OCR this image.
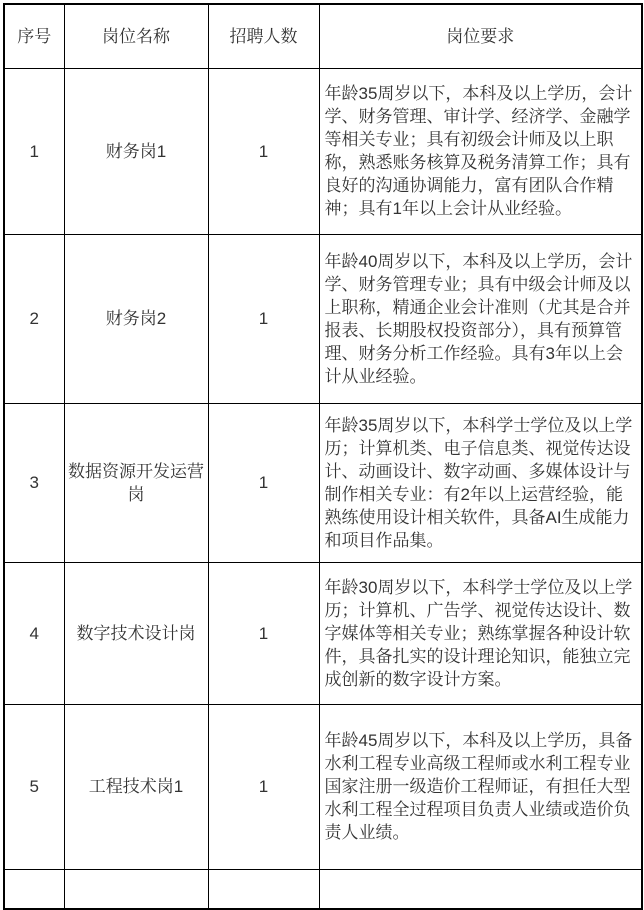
序号	岗位名称	招聘人数	岗位要求
1	财务岗1	1	年龄35周岁以下，本科及以上学历，会计学、财务管理、审计学、经济学、金融学等相关专业；具有初级会计师及以上职称，熟悉账务核算及税务清算工作；具有良好的沟通协调能力，富有团队合作精神；具有1年以上会计从业经验。
2	财务岗2	1	年龄40周岁以下，本科及以上学历，会计学、财务管理专业；具有中级会计师及以上职称，精通企业会计准则（尤其是合并报表、长期股权投资部分），具有预算管理、财务分析工作经验。具有3年以上会计从业经验。
3	数据资源开发运营岗	1	年龄35周岁以下，本科学士学位及以上学历；计算机类、电子信息类、视觉传达设计、动画设计、数字动画、多媒体设计与制作相关专业：有2年以上运营经验，能熟练使用设计相关软件，具备AI生成能力和项目作品集。
4	数字技术设计岗	1	年龄30周岁以下，本科学士学位及以上学历；计算机、广告学、视觉传达设计、数字媒体等相关专业；熟练掌握各种设计软件，具备扎实的设计理论知识，能独立完成创新的数字设计方案。
5	工程技术岗1	1	年龄45周岁以下，本科及以上学历，具备水利工程专业高级工程师或水利工程专业国家注册一级造价工程师证，有担任大型水利工程全过程项目负责人业绩或造价负责人业绩。
